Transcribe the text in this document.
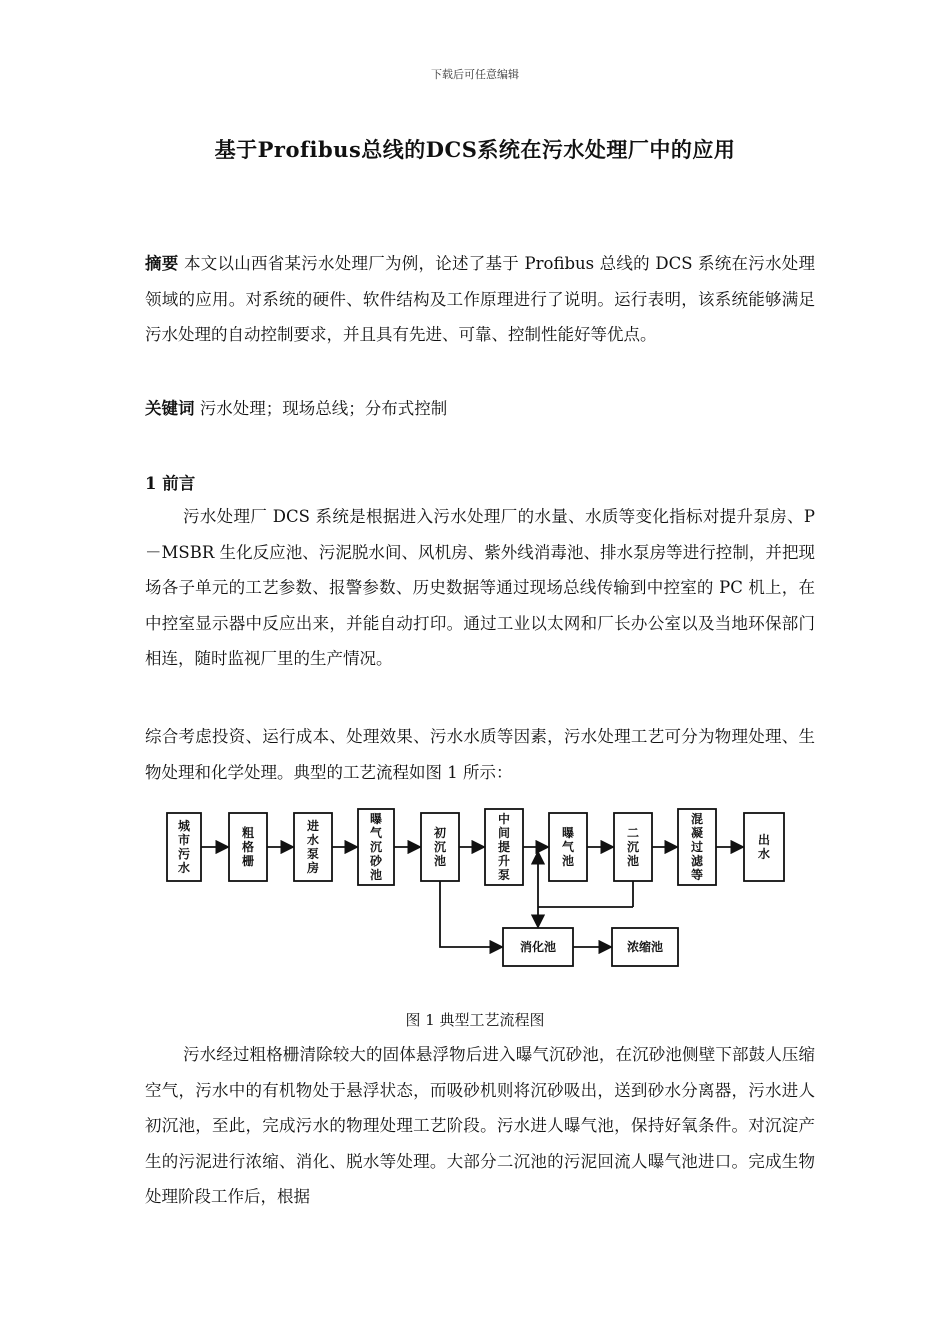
下载后可任意编辑
基于Profibus总线的DCS系统在污水处理厂中的应用

摘要 本文以山西省某污水处理厂为例，论述了基于 Profibus 总线的 DCS 系统在污水处理领域的应用。对系统的硬件、软件结构及工作原理进行了说明。运行表明，该系统能够满足污水处理的自动控制要求，并且具有先进、可靠、控制性能好等优点。

关键词 污水处理；现场总线；分布式控制

1 前言

污水处理厂 DCS 系统是根据进入污水处理厂的水量、水质等变化指标对提升泵房、P－MSBR 生化反应池、污泥脱水间、风机房、紫外线消毒池、排水泵房等进行控制，并把现场各子单元的工艺参数、报警参数、历史数据等通过现场总线传输到中控室的 PC 机上，在中控室显示器中反应出来，并能自动打印。通过工业以太网和厂长办公室以及当地环保部门相连，随时监视厂里的生产情况。

综合考虑投资、运行成本、处理效果、污水水质等因素，污水处理工艺可分为物理处理、生物处理和化学处理。典型的工艺流程如图 1 所示：

城市污水
粗格栅
进水泵房
曝气沉砂池
初沉池
中间提升泵
曝气池
二沉池
混凝过滤等
出水
消化池	浓缩池
图 1 典型工艺流程图

污水经过粗格栅清除较大的固体悬浮物后进入曝气沉砂池，在沉砂池侧壁下部鼓人压缩空气，污水中的有机物处于悬浮状态，而吸砂机则将沉砂吸出，送到砂水分离器，污水进人初沉池，至此，完成污水的物理处理工艺阶段。污水进人曝气池，保持好氧条件。对沉淀产生的污泥进行浓缩、消化、脱水等处理。大部分二沉池的污泥回流人曝气池进口。完成生物处理阶段工作后，根据
